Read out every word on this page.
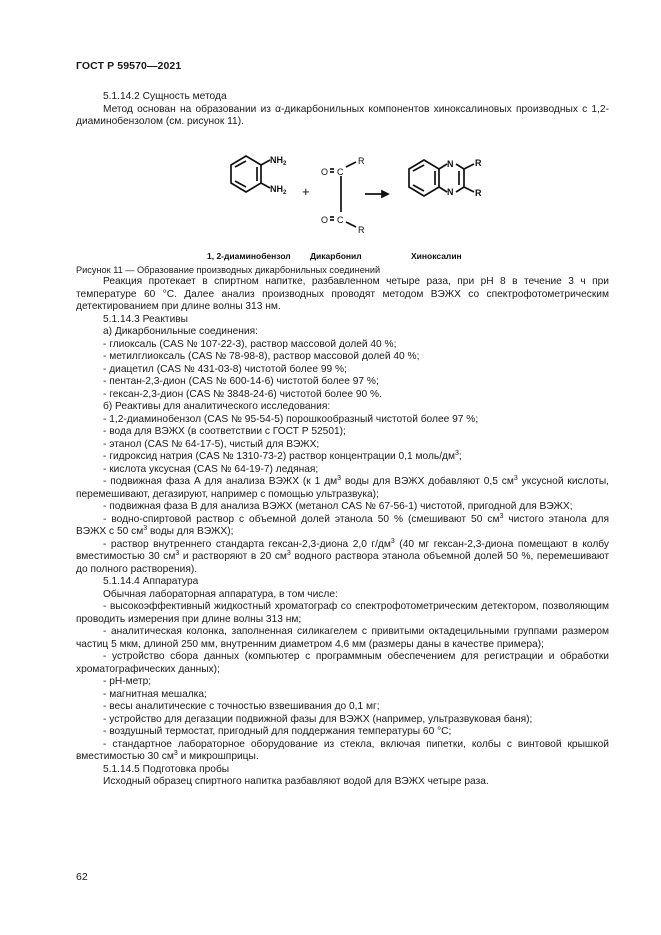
ГОСТ Р 59570—2021

5.1.14.2 Сущность метода

Метод основан на образовании из α-дикарбонильных компонентов хиноксалиновых производных с 1,2-диаминобензолом (см. рисунок 11).

$NH_2$
$NH_2$ +
O C
R
O C
R
N
N
R
R
1, 2-диаминобензол Дикарбонил	Хиноксалин

Рисунок 11 — Образование производных дикарбонильных соединений

Реакция протекает в спиртном напитке, разбавленном четыре раза, при pH 8 в течение 3 ч при температуре 60 °С. Далее анализ производных проводят методом ВЭЖХ со спектрофотометрическим детектированием при длине волны 313 нм.

5.1.14.3 Реактивы

а) Дикарбонильные соединения:

- глиоксаль (CAS № 107-22-3), раствор массовой долей 40 %;

- метилглиоксаль (CAS № 78-98-8), раствор массовой долей 40 %;

- диацетил (CAS № 431-03-8) чистотой более 99 %;

- пентан-2,3-дион (CAS № 600-14-6) чистотой более 97 %;

- гексан-2,3-дион (CAS № 3848-24-6) чистотой более 90 %.

б) Реактивы для аналитического исследования:

- 1,2-диаминобензол (CAS № 95-54-5) порошкообразный чистотой более 97 %;

- вода для ВЭЖХ (в соответствии с ГОСТ Р 52501);

- этанол (CAS № 64-17-5), чистый для ВЭЖХ;

- гидроксид натрия (CAS № 1310-73-2) раствор концентрации 0,1 моль/$дм^3$;

- кислота уксусная (CAS № 64-19-7) ледяная;

- подвижная фаза А для анализа ВЭЖХ (к 1 $дм^3$ воды для ВЭЖХ добавляют 0,5 $см^3$ уксусной кислоты, перемешивают, дегазируют, например с помощью ультразвука);

- подвижная фаза В для анализа ВЭЖХ (метанол CAS № 67-56-1) чистотой, пригодной для ВЭЖХ;

- водно-спиртовой раствор с объемной долей этанола 50 % (смешивают 50 $см^3$ чистого этанола для ВЭЖХ с 50 $см^3$ воды для ВЭЖХ);

- раствор внутреннего стандарта гексан-2,3-диона 2,0 $г/дм^3$ (40 мг гексан-2,3-диона помещают в колбу вместимостью 30 $см^3$ и растворяют в 20 $см^3$ водного раствора этанола объемной долей 50 %, перемешивают до полного растворения).

5.1.14.4 Аппаратура

Обычная лабораторная аппаратура, в том числе:

- высокоэффективный жидкостный хроматограф со спектрофотометрическим детектором, позволяющим проводить измерения при длине волны 313 нм;

- аналитическая колонка, заполненная силикагелем с привитыми октадецильными группами размером частиц 5 мкм, длиной 250 мм, внутренним диаметром 4,6 мм (размеры даны в качестве примера);

- устройство сбора данных (компьютер с программным обеспечением для регистрации и обработки хроматографических данных);

- pH-метр;

- магнитная мешалка;

- весы аналитические с точностью взвешивания до 0,1 мг;

- устройство для дегазации подвижной фазы для ВЭЖХ (например, ультразвуковая баня);

- воздушный термостат, пригодный для поддержания температуры 60 °С;

- стандартное лабораторное оборудование из стекла, включая пипетки, колбы с винтовой крышкой вместимостью 30 $см^3$ и микрошприцы.

5.1.14.5 Подготовка пробы

Исходный образец спиртного напитка разбавляют водой для ВЭЖХ четыре раза.

62
